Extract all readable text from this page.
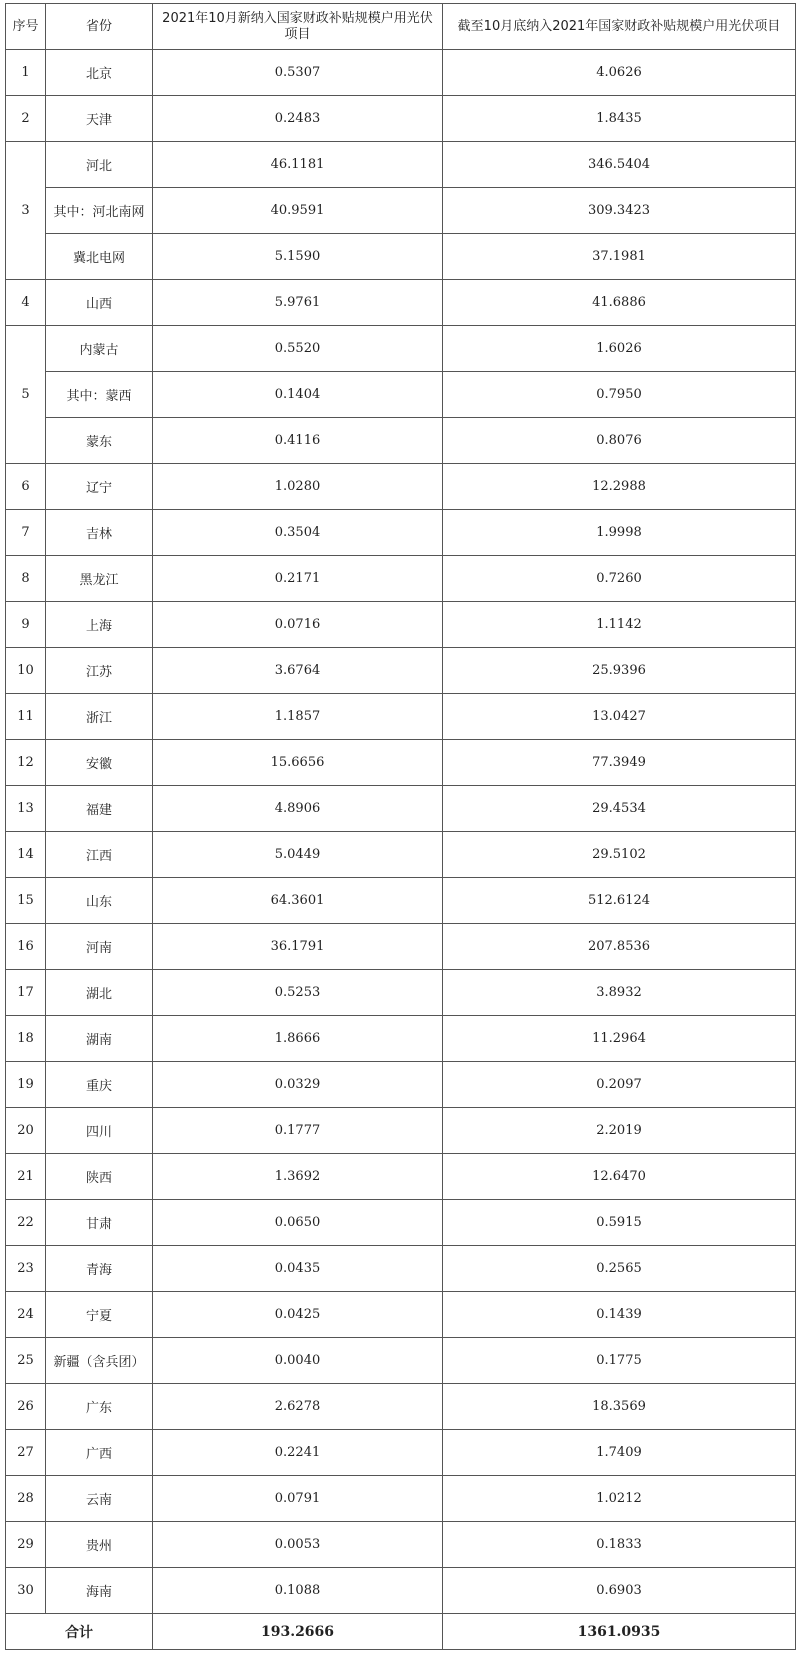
序号	省份	2021年10月新纳入国家财政补贴规模户用光伏项目	截至10月底纳入2021年国家财政补贴规模户用光伏项目
1	北京	0.5307	4.0626
2	天津	0.2483	1.8435
3	河北	46.1181	346.5404
	其中：河北南网	40.9591	309.3423
	冀北电网	5.1590	37.1981
4	山西	5.9761	41.6886
5	内蒙古	0.5520	1.6026
	其中：蒙西	0.1404	0.7950
	蒙东	0.4116	0.8076
6	辽宁	1.0280	12.2988
7	吉林	0.3504	1.9998
8	黑龙江	0.2171	0.7260
9	上海	0.0716	1.1142
10	江苏	3.6764	25.9396
11	浙江	1.1857	13.0427
12	安徽	15.6656	77.3949
13	福建	4.8906	29.4534
14	江西	5.0449	29.5102
15	山东	64.3601	512.6124
16	河南	36.1791	207.8536
17	湖北	0.5253	3.8932
18	湖南	1.8666	11.2964
19	重庆	0.0329	0.2097
20	四川	0.1777	2.2019
21	陕西	1.3692	12.6470
22	甘肃	0.0650	0.5915
23	青海	0.0435	0.2565
24	宁夏	0.0425	0.1439
25	新疆（含兵团）	0.0040	0.1775
26	广东	2.6278	18.3569
27	广西	0.2241	1.7409
28	云南	0.0791	1.0212
29	贵州	0.0053	0.1833
30	海南	0.1088	0.6903
合计		193.2666	1361.0935
